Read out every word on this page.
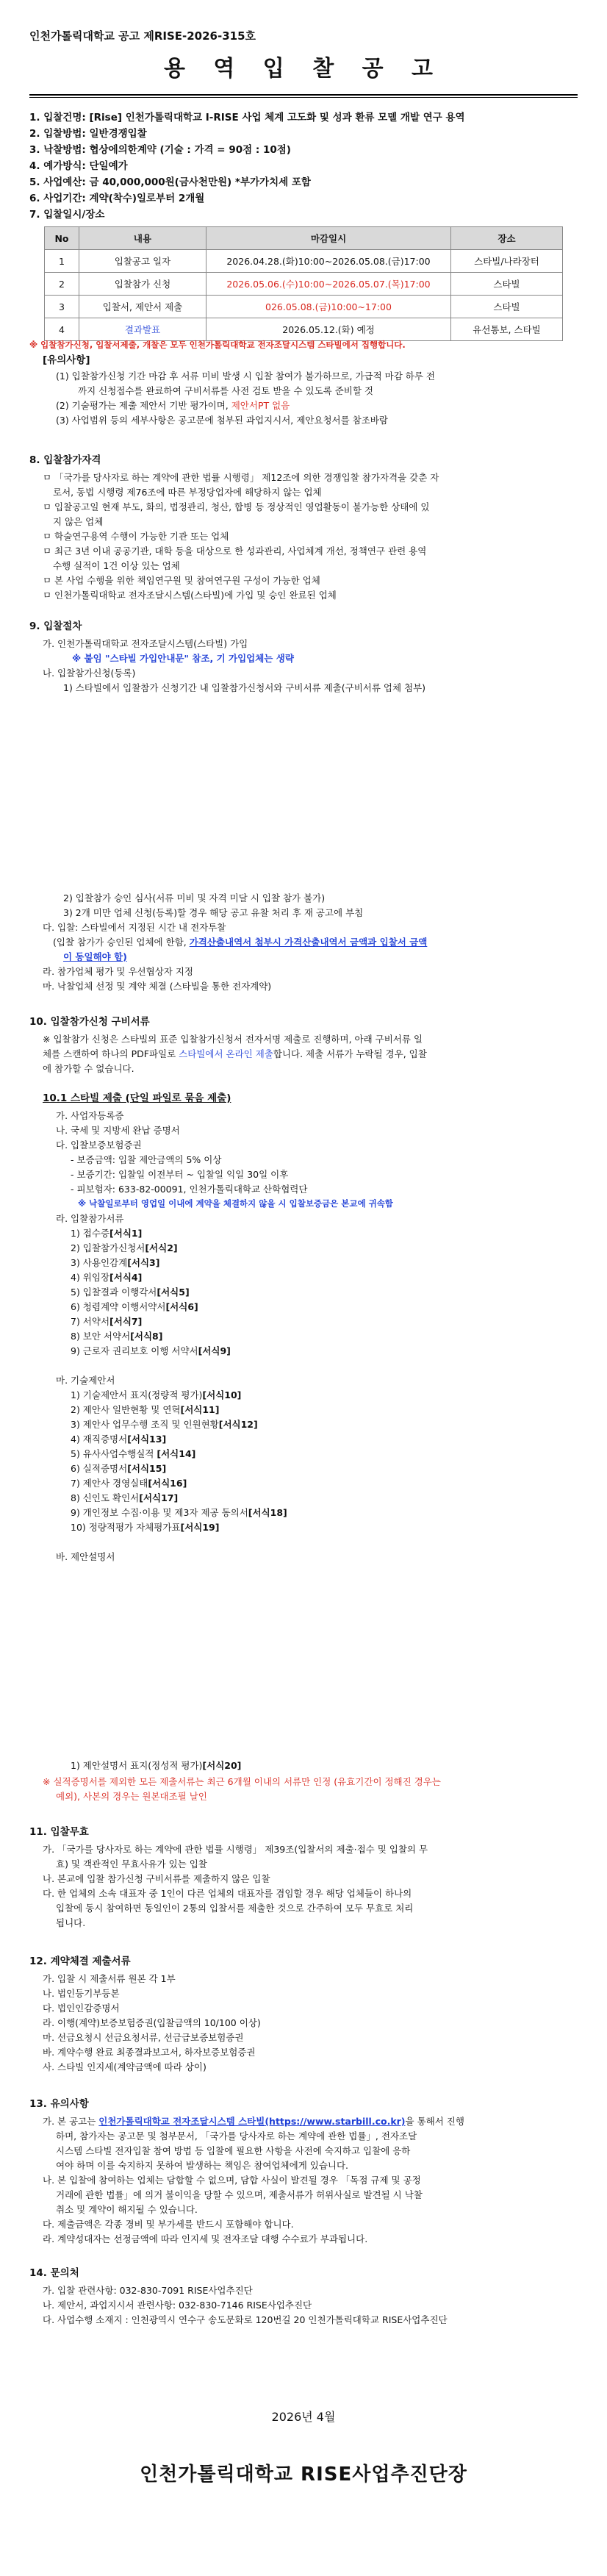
인천가톨릭대학교 공고 제RISE-2026-315호
용 역 입 찰 공 고
1. 입찰건명: [Rise] 인천가톨릭대학교 I-RISE 사업 체계 고도화 및 성과 환류 모델 개발 연구 용역
2. 입찰방법: 일반경쟁입찰
3. 낙찰방법: 협상에의한계약 (기술 : 가격 = 90점 : 10점)
4. 예가방식: 단일예가
5. 사업예산: 금 40,000,000원(금사천만원) *부가가치세 포함
6. 사업기간: 계약(착수)일로부터 2개월
7. 입찰일시/장소
No	내용	마감일시	장소
1	입찰공고 일자	2026.04.28.(화)10:00~2026.05.08.(금)17:00	스타빌/나라장터
2	입찰참가 신청	2026.05.06.(수)10:00~2026.05.07.(목)17:00	스타빌
3	입찰서, 제안서 제출	026.05.08.(금)10:00~17:00	스타빌
4	결과발표	2026.05.12.(화) 예정	유선통보, 스타빌
※ 입찰참가신청, 입찰서제출, 개찰은 모두 인천가톨릭대학교 전자조달시스템 스타빌에서 집행합니다.
[유의사항]
(1) 입찰참가신청 기간 마감 후 서류 미비 발생 시 입찰 참여가 불가하므로, 가급적 마감 하루 전
까지 신청접수를 완료하여 구비서류를 사전 검토 받을 수 있도록 준비할 것
(2) 기술평가는 제출 제안서 기반 평가이며, 제안서PT 없음
(3) 사업범위 등의 세부사항은 공고문에 첨부된 과업지시서, 제안요청서를 참조바람
8. 입찰참가자격
ㅁ 「국가를 당사자로 하는 계약에 관한 법률 시행령」 제12조에 의한 경쟁입찰 참가자격을 갖춘 자
로서, 동법 시행령 제76조에 따른 부정당업자에 해당하지 않는 업체
ㅁ 입찰공고일 현재 부도, 화의, 법정관리, 청산, 합병 등 정상적인 영업활동이 불가능한 상태에 있
지 않은 업체
ㅁ 학술연구용역 수행이 가능한 기관 또는 업체
ㅁ 최근 3년 이내 공공기관, 대학 등을 대상으로 한 성과관리, 사업체계 개선, 정책연구 관련 용역
수행 실적이 1건 이상 있는 업체
ㅁ 본 사업 수행을 위한 책임연구원 및 참여연구원 구성이 가능한 업체
ㅁ 인천가톨릭대학교 전자조달시스템(스타빌)에 가입 및 승인 완료된 업체
9. 입찰절차
가. 인천가톨릭대학교 전자조달시스템(스타빌) 가입
※ 붙임 "스타빌 가입안내문" 참조, 기 가입업체는 생략
나. 입찰참가신청(등록)
1) 스타빌에서 입찰참가 신청기간 내 입찰참가신청서와 구비서류 제출(구비서류 업체 첨부)
2) 입찰참가 승인 심사(서류 미비 및 자격 미달 시 입찰 참가 불가)
3) 2개 미만 업체 신청(등록)할 경우 해당 공고 유찰 처리 후 재 공고에 부침
다. 입찰: 스타빌에서 지정된 시간 내 전자투찰
(입찰 참가가 승인된 업체에 한함, 가격산출내역서 첨부시 가격산출내역서 금액과 입찰서 금액
이 동일해야 함)
라. 참가업체 평가 및 우선협상자 지정
마. 낙찰업체 선정 및 계약 체결 (스타빌을 통한 전자계약)
10. 입찰참가신청 구비서류
※ 입찰참가 신청은 스타빌의 표준 입찰참가신청서 전자서명 제출로 진행하며, 아래 구비서류 일
체를 스캔하여 하나의 PDF파일로 스타빌에서 온라인 제출합니다. 제출 서류가 누락될 경우, 입찰
에 참가할 수 없습니다.
10.1 스타빌 제출 (단일 파일로 묶음 제출)
가. 사업자등록증
나. 국세 및 지방세 완납 증명서
다. 입찰보증보험증권
- 보증금액: 입찰 제안금액의 5% 이상
- 보증기간: 입찰일 이전부터 ~ 입찰일 익일 30일 이후
- 피보험자: 633-82-00091, 인천가톨릭대학교 산학협력단
※ 낙찰일로부터 영업일 이내에 계약을 체결하지 않을 시 입찰보증금은 본교에 귀속함
라. 입찰참가서류
1) 접수증[서식1]
2) 입찰참가신청서[서식2]
3) 사용인감계[서식3]
4) 위임장[서식4]
5) 입찰결과 이행각서[서식5]
6) 청렴계약 이행서약서[서식6]
7) 서약서[서식7]
8) 보안 서약서[서식8]
9) 근로자 권리보호 이행 서약서[서식9]
마. 기술제안서
1) 기술제안서 표지(정량적 평가)[서식10]
2) 제안사 일반현황 및 연혁[서식11]
3) 제안사 업무수행 조직 및 인원현황[서식12]
4) 재직증명서[서식13]
5) 유사사업수행실적 [서식14]
6) 실적증명서[서식15]
7) 제안사 경영실태[서식16]
8) 신인도 확인서[서식17]
9) 개인정보 수집·이용 및 제3자 제공 동의서[서식18]
10) 정량적평가 자체평가표[서식19]
바. 제안설명서
1) 제안설명서 표지(정성적 평가)[서식20]
※ 실적증명서를 제외한 모든 제출서류는 최근 6개월 이내의 서류만 인정 (유효기간이 정해진 경우는
예외), 사본의 경우는 원본대조필 날인
11. 입찰무효
가. 「국가를 당사자로 하는 계약에 관한 법률 시행령」 제39조(입찰서의 제출·접수 및 입찰의 무
효) 및 객관적인 무효사유가 있는 입찰
나. 본교에 입찰 참가신청 구비서류를 제출하지 않은 입찰
다. 한 업체의 소속 대표자 중 1인이 다른 업체의 대표자를 겸임할 경우 해당 업체들이 하나의
입찰에 동시 참여하면 동일인이 2통의 입찰서를 제출한 것으로 간주하여 모두 무효로 처리
됩니다.
12. 계약체결 제출서류
가. 입찰 시 제출서류 원본 각 1부
나. 법인등기부등본
다. 법인인감증명서
라. 이행(계약)보증보험증권(입찰금액의 10/100 이상)
마. 선금요청시 선금요청서류, 선금급보증보험증권
바. 계약수행 완료 최종결과보고서, 하자보증보험증권
사. 스타빌 인지세(계약금액에 따라 상이)
13. 유의사항
가. 본 공고는 인천가톨릭대학교 전자조달시스템 스타빌(https://www.starbill.co.kr)을 통해서 진행
하며, 참가자는 공고문 및 첨부문서, 「국가를 당사자로 하는 계약에 관한 법률」, 전자조달
시스템 스타빌 전자입찰 참여 방법 등 입찰에 필요한 사항을 사전에 숙지하고 입찰에 응하
여야 하며 이를 숙지하지 못하여 발생하는 책임은 참여업체에게 있습니다.
나. 본 입찰에 참여하는 업체는 담합할 수 없으며, 담합 사실이 발견될 경우 「독점 규제 및 공정
거래에 관한 법률」에 의거 불이익을 당할 수 있으며, 제출서류가 허위사실로 발견될 시 낙찰
취소 및 계약이 해지될 수 있습니다.
다. 제출금액은 각종 경비 및 부가세를 반드시 포함해야 합니다.
라. 계약성대자는 선정금액에 따라 인지세 및 전자조달 대행 수수료가 부과됩니다.
14. 문의처
가. 입찰 관련사항: 032-830-7091 RISE사업추진단
나. 제안서, 과업지시서 관련사항: 032-830-7146 RISE사업추진단
다. 사업수행 소재지 : 인천광역시 연수구 송도문화로 120번길 20 인천가톨릭대학교 RISE사업추진단
2026년 4월
인천가톨릭대학교 RISE사업추진단장
